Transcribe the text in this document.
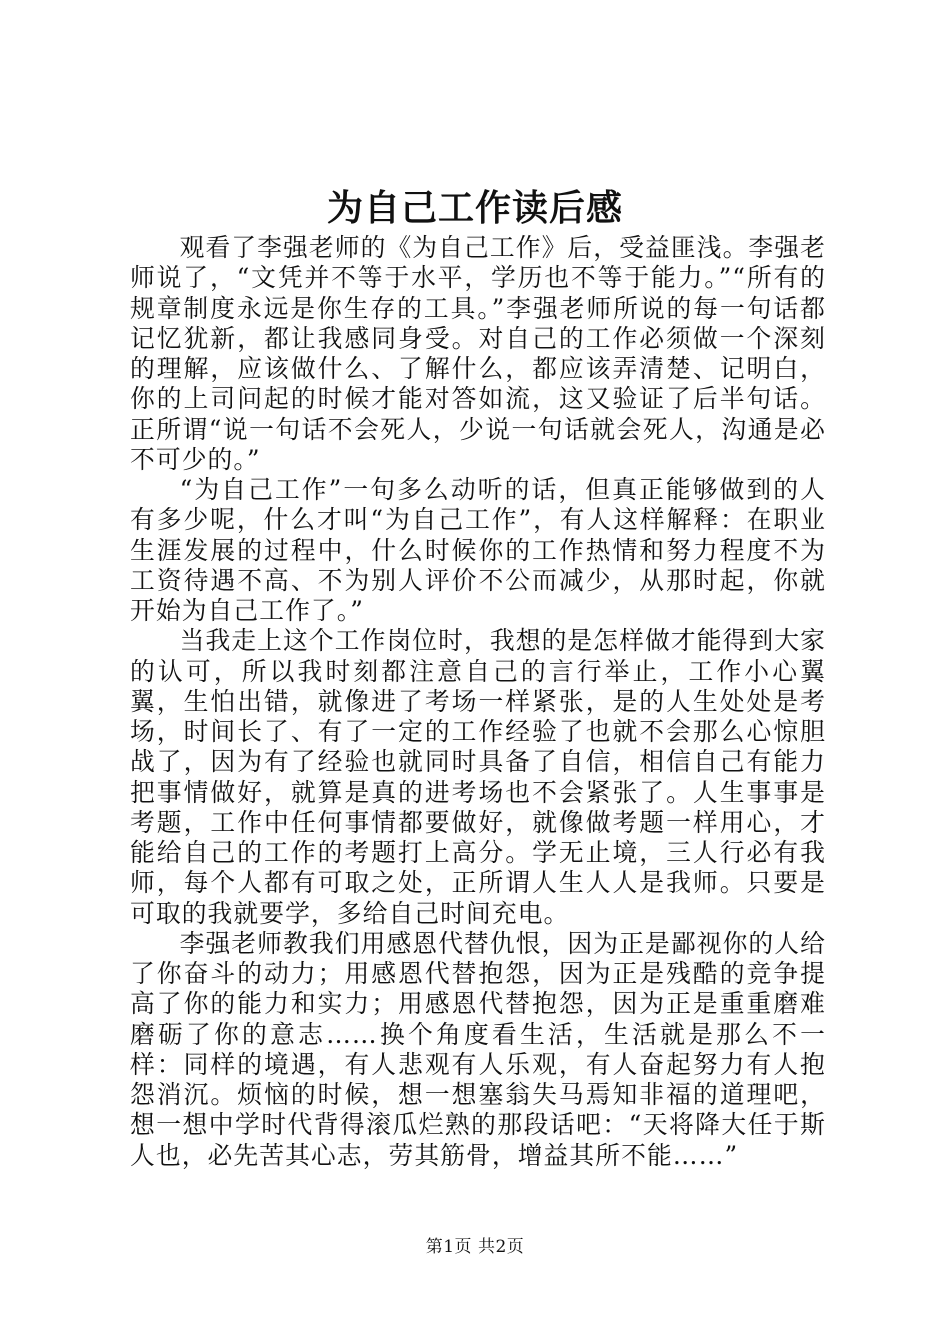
为自己工作读后感

观看了李强老师的《为自己工作》后，受益匪浅。李强老师说了，“文凭并不等于水平，学历也不等于能力。”“所有的规章制度永远是你生存的工具。”李强老师所说的每一句话都记忆犹新，都让我感同身受。对自己的工作必须做一个深刻的理解，应该做什么、了解什么，都应该弄清楚、记明白，你的上司问起的时候才能对答如流，这又验证了后半句话。正所谓“说一句话不会死人，少说一句话就会死人，沟通是必不可少的。”

“为自己工作”一句多么动听的话，但真正能够做到的人有多少呢，什么才叫“为自己工作”，有人这样解释：在职业生涯发展的过程中，什么时候你的工作热情和努力程度不为工资待遇不高、不为别人评价不公而减少，从那时起，你就开始为自己工作了。”

当我走上这个工作岗位时，我想的是怎样做才能得到大家的认可，所以我时刻都注意自己的言行举止，工作小心翼翼，生怕出错，就像进了考场一样紧张，是的人生处处是考场，时间长了、有了一定的工作经验了也就不会那么心惊胆战了，因为有了经验也就同时具备了自信，相信自己有能力把事情做好，就算是真的进考场也不会紧张了。人生事事是考题，工作中任何事情都要做好，就像做考题一样用心，才能给自己的工作的考题打上高分。学无止境，三人行必有我师，每个人都有可取之处，正所谓人生人人是我师。只要是可取的我就要学，多给自己时间充电。

李强老师教我们用感恩代替仇恨，因为正是鄙视你的人给了你奋斗的动力；用感恩代替抱怨，因为正是残酷的竞争提高了你的能力和实力；用感恩代替抱怨，因为正是重重磨难磨砺了你的意志……换个角度看生活，生活就是那么不一样：同样的境遇，有人悲观有人乐观，有人奋起努力有人抱怨消沉。烦恼的时候，想一想塞翁失马焉知非福的道理吧，想一想中学时代背得滚瓜烂熟的那段话吧：“天将降大任于斯人也，必先苦其心志，劳其筋骨，增益其所不能……”

第1页 共2页
